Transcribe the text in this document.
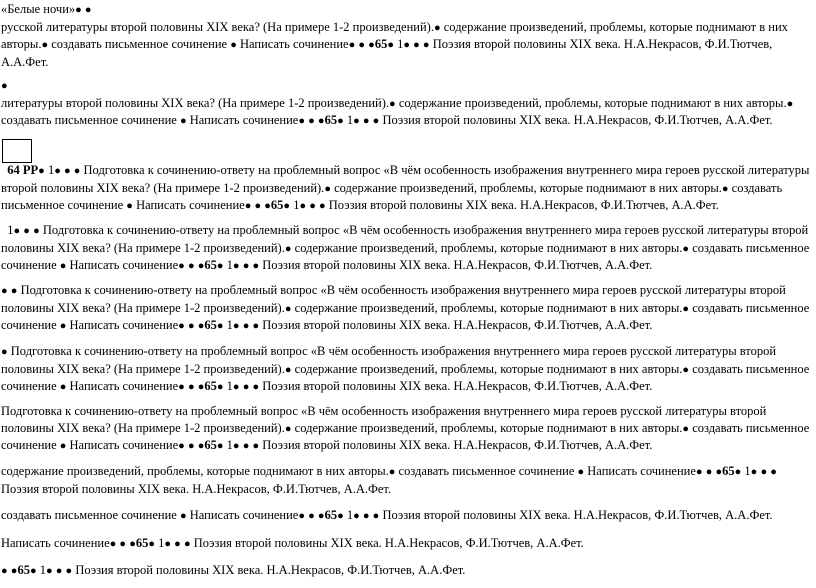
«Белые ночи»● ●
русской литературы второй половины XIX века? (На примере 1-2 произведений).● содержание произведений, проблемы, которые поднимают в них авторы.● создавать письменное сочинение ● Написать сочинение● ● ●65● 1● ● ● Поэзия второй половины XIX века. Н.А.Некрасов, Ф.И.Тютчев, А.А.Фет.

●
литературы второй половины XIX века? (На примере 1-2 произведений).● содержание произведений, проблемы, которые поднимают в них авторы.● создавать письменное сочинение ● Написать сочинение● ● ●65● 1● ● ● Поэзия второй половины XIX века. Н.А.Некрасов, Ф.И.Тютчев, А.А.Фет.

64 РР● 1● ● ● Подготовка к сочинению-ответу на проблемный вопрос «В чём особенность изображения внутреннего мира героев русской литературы второй половины XIX века? (На примере 1-2 произведений).● содержание произведений, проблемы, которые поднимают в них авторы.● создавать письменное сочинение ● Написать сочинение● ● ●65● 1● ● ● Поэзия второй половины XIX века. Н.А.Некрасов, Ф.И.Тютчев, А.А.Фет.

1● ● ● Подготовка к сочинению-ответу на проблемный вопрос «В чём особенность изображения внутреннего мира героев русской литературы второй половины XIX века? (На примере 1-2 произведений).● содержание произведений, проблемы, которые поднимают в них авторы.● создавать письменное сочинение ● Написать сочинение● ● ●65● 1● ● ● Поэзия второй половины XIX века. Н.А.Некрасов, Ф.И.Тютчев, А.А.Фет.

● ● Подготовка к сочинению-ответу на проблемный вопрос «В чём особенность изображения внутреннего мира героев русской литературы второй половины XIX века? (На примере 1-2 произведений).● содержание произведений, проблемы, которые поднимают в них авторы.● создавать письменное сочинение ● Написать сочинение● ● ●65● 1● ● ● Поэзия второй половины XIX века. Н.А.Некрасов, Ф.И.Тютчев, А.А.Фет.

● Подготовка к сочинению-ответу на проблемный вопрос «В чём особенность изображения внутреннего мира героев русской литературы второй половины XIX века? (На примере 1-2 произведений).● содержание произведений, проблемы, которые поднимают в них авторы.● создавать письменное сочинение ● Написать сочинение● ● ●65● 1● ● ● Поэзия второй половины XIX века. Н.А.Некрасов, Ф.И.Тютчев, А.А.Фет.

Подготовка к сочинению-ответу на проблемный вопрос «В чём особенность изображения внутреннего мира героев русской литературы второй половины XIX века? (На примере 1-2 произведений).● содержание произведений, проблемы, которые поднимают в них авторы.● создавать письменное сочинение ● Написать сочинение● ● ●65● 1● ● ● Поэзия второй половины XIX века. Н.А.Некрасов, Ф.И.Тютчев, А.А.Фет.

содержание произведений, проблемы, которые поднимают в них авторы.● создавать письменное сочинение ● Написать сочинение● ● ●65● 1● ● ● Поэзия второй половины XIX века. Н.А.Некрасов, Ф.И.Тютчев, А.А.Фет.

создавать письменное сочинение ● Написать сочинение● ● ●65● 1● ● ● Поэзия второй половины XIX века. Н.А.Некрасов, Ф.И.Тютчев, А.А.Фет.

Написать сочинение● ● ●65● 1● ● ● Поэзия второй половины XIX века. Н.А.Некрасов, Ф.И.Тютчев, А.А.Фет.

● ●65● 1● ● ● Поэзия второй половины XIX века. Н.А.Некрасов, Ф.И.Тютчев, А.А.Фет.
